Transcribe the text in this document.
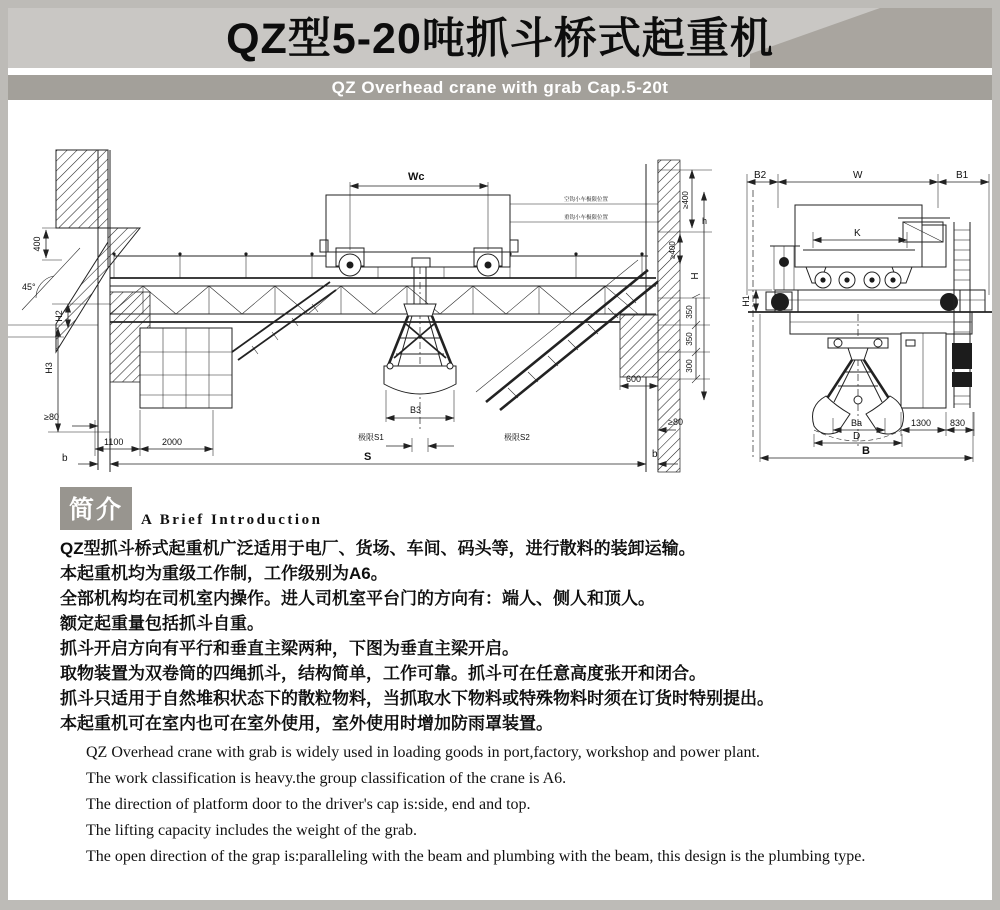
QZ型5-20吨抓斗桥式起重机
QZ Overhead crane with grab Cap.5-20t
400
45°
H2
H3
≥80
b
Wc
空钩小车极限位置
重钩小车极限位置
B3
极限S1	极限S2
≥400
h
≥400
H
350
350
300
600
≥80
b
1100	2000
S
B2	W	B1
K
H1
Ba
D
1300 830
B
简介	A Brief Introduction

QZ型抓斗桥式起重机广泛适用于电厂、货场、车间、码头等，进行散料的装卸运输。

本起重机均为重级工作制，工作级别为A6。

全部机构均在司机室内操作。进人司机室平台门的方向有：端人、侧人和顶人。

额定起重量包括抓斗自重。

抓斗开启方向有平行和垂直主梁两种，下图为垂直主梁开启。

取物装置为双卷筒的四绳抓斗，结构简单，工作可靠。抓斗可在任意高度张开和闭合。

抓斗只适用于自然堆积状态下的散粒物料，当抓取水下物料或特殊物料时须在订货时特别提出。

本起重机可在室内也可在室外使用，室外使用时增加防雨罩装置。

QZ Overhead crane with grab is widely used in loading goods in port,factory, workshop and power plant.

The work classification is heavy.the group classification of the crane is A6.

The direction of platform door to the driver's cap is:side, end and top.

The lifting capacity includes the weight of the grab.

The open direction of the grap is:paralleling with the beam and plumbing with the beam, this design is the plumbing type.
